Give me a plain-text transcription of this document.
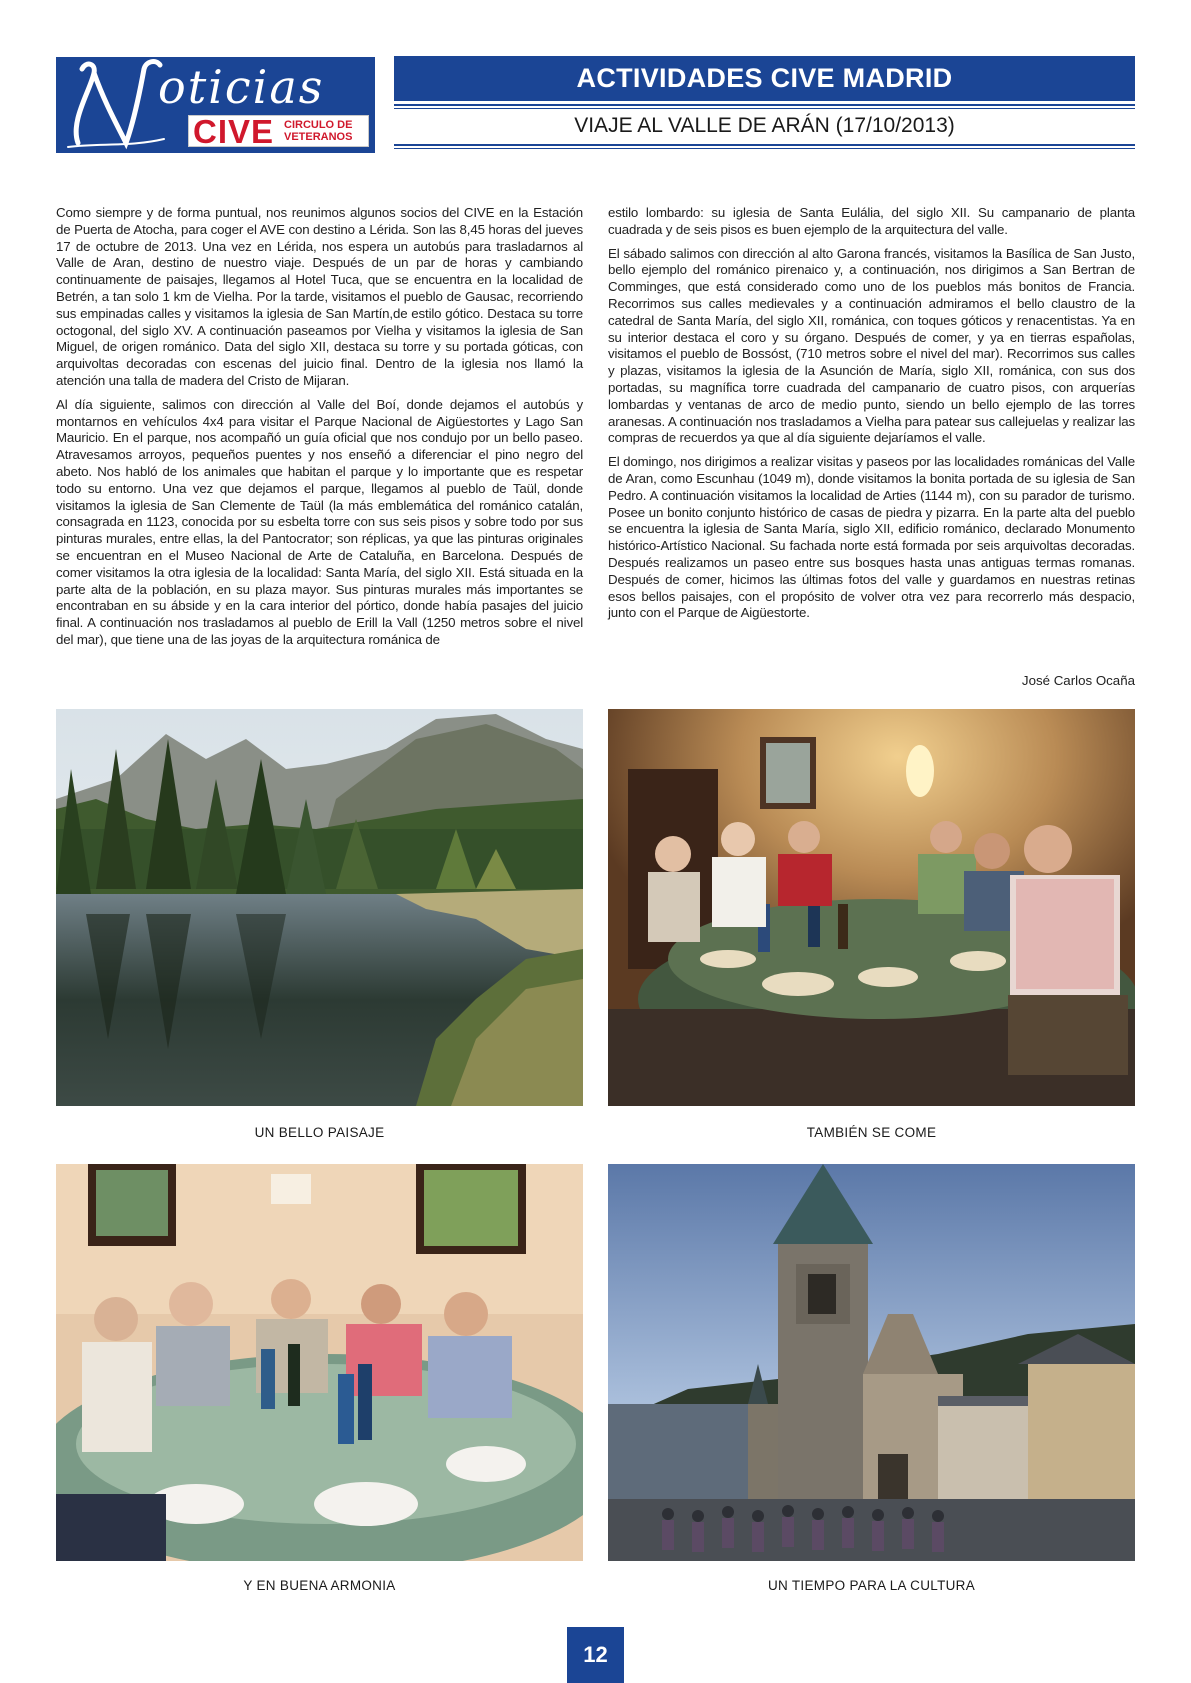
oticias
CIVE CIRCULO DE
VETERANOS
ACTIVIDADES CIVE MADRID
VIAJE AL VALLE DE ARÁN (17/10/2013)

Como siempre y de forma puntual, nos reunimos algunos socios del CIVE en la Estación de Puerta de Atocha, para coger el AVE con destino a Lérida. Son las 8,45 horas del jueves 17 de octubre de 2013. Una vez en Lérida, nos espera un autobús para trasladarnos al Valle de Aran, destino de nuestro viaje. Después de un par de horas y cambiando continuamente de paisajes, llegamos al Hotel Tuca, que se encuentra en la localidad de Betrén, a tan solo 1 km de Vielha. Por la tarde, visitamos el pueblo de Gausac, recorriendo sus empinadas calles y visitamos la iglesia de San Martín,de estilo gótico. Destaca su torre octogonal, del siglo XV. A continuación paseamos por Vielha y visitamos la iglesia de San Miguel, de origen románico. Data del siglo XII, destaca su torre y su portada góticas, con arquivoltas decoradas con escenas del juicio final. Dentro de la iglesia nos llamó la atención una talla de madera del Cristo de Mijaran.

Al día siguiente, salimos con dirección al Valle del Boí, donde dejamos el autobús y montarnos en vehículos 4x4 para visitar el Parque Nacional de Aigüestortes y Lago San Mauricio. En el parque, nos acompañó un guía oficial que nos condujo por un bello paseo. Atravesamos arroyos, pequeños puentes y nos enseñó a diferenciar el pino negro del abeto. Nos habló de los animales que habitan el parque y lo importante que es respetar todo su entorno. Una vez que dejamos el parque, llegamos al pueblo de Taül, donde visitamos la iglesia de San Clemente de Taül (la más emblemática del románico catalán, consagrada en 1123, conocida por su esbelta torre con sus seis pisos y sobre todo por sus pinturas murales, entre ellas, la del Pantocrator; son réplicas, ya que las pinturas originales se encuentran en el Museo Nacional de Arte de Cataluña, en Barcelona. Después de comer visitamos la otra iglesia de la localidad: Santa María, del siglo XII. Está situada en la parte alta de la población, en su plaza mayor. Sus pinturas murales más importantes se encontraban en su ábside y en la cara interior del pórtico, donde había pasajes del juicio final. A continuación nos trasladamos al pueblo de Erill la Vall (1250 metros sobre el nivel del mar), que tiene una de las joyas de la arquitectura románica de

estilo lombardo: su iglesia de Santa Eulália, del siglo XII. Su campanario de planta cuadrada y de seis pisos es buen ejemplo de la arquitectura del valle.

El sábado salimos con dirección al alto Garona francés, visitamos la Basílica de San Justo, bello ejemplo del románico pirenaico y, a continuación, nos dirigimos a San Bertran de Comminges, que está considerado como uno de los pueblos más bonitos de Francia. Recorrimos sus calles medievales y a continuación admiramos el bello claustro de la catedral de Santa María, del siglo XII, románica, con toques góticos y renacentistas. Ya en su interior destaca el coro y su órgano. Después de comer, y ya en tierras españolas, visitamos el pueblo de Bossóst, (710 metros sobre el nivel del mar). Recorrimos sus calles y plazas, visitamos la iglesia de la Asunción de María, siglo XII, románica, con sus dos portadas, su magnífica torre cuadrada del campanario de cuatro pisos, con arquerías lombardas y ventanas de arco de medio punto, siendo un bello ejemplo de las torres aranesas. A continuación nos trasladamos a Vielha para patear sus callejuelas y realizar las compras de recuerdos ya que al día siguiente dejaríamos el valle.

El domingo, nos dirigimos a realizar visitas y paseos por las localidades románicas del Valle de Aran, como Escunhau (1049 m), donde visitamos la bonita portada de su iglesia de San Pedro. A continuación visitamos la localidad de Arties (1144 m), con su parador de turismo. Posee un bonito conjunto histórico de casas de piedra y pizarra. En la parte alta del pueblo se encuentra la iglesia de Santa María, siglo XII, edificio románico, declarado Monumento histórico-Artístico Nacional. Su fachada norte está formada por seis arquivoltas decoradas. Después realizamos un paseo entre sus bosques hasta unas antiguas termas romanas. Después de comer, hicimos las últimas fotos del valle y guardamos en nuestras retinas esos bellos paisajes, con el propósito de volver otra vez para recorrerlo más despacio, junto con el Parque de Aigüestorte.

José Carlos Ocaña
UN BELLO PAISAJE	TAMBIÉN SE COME
Y EN BUENA ARMONIA	UN TIEMPO PARA LA CULTURA
12
